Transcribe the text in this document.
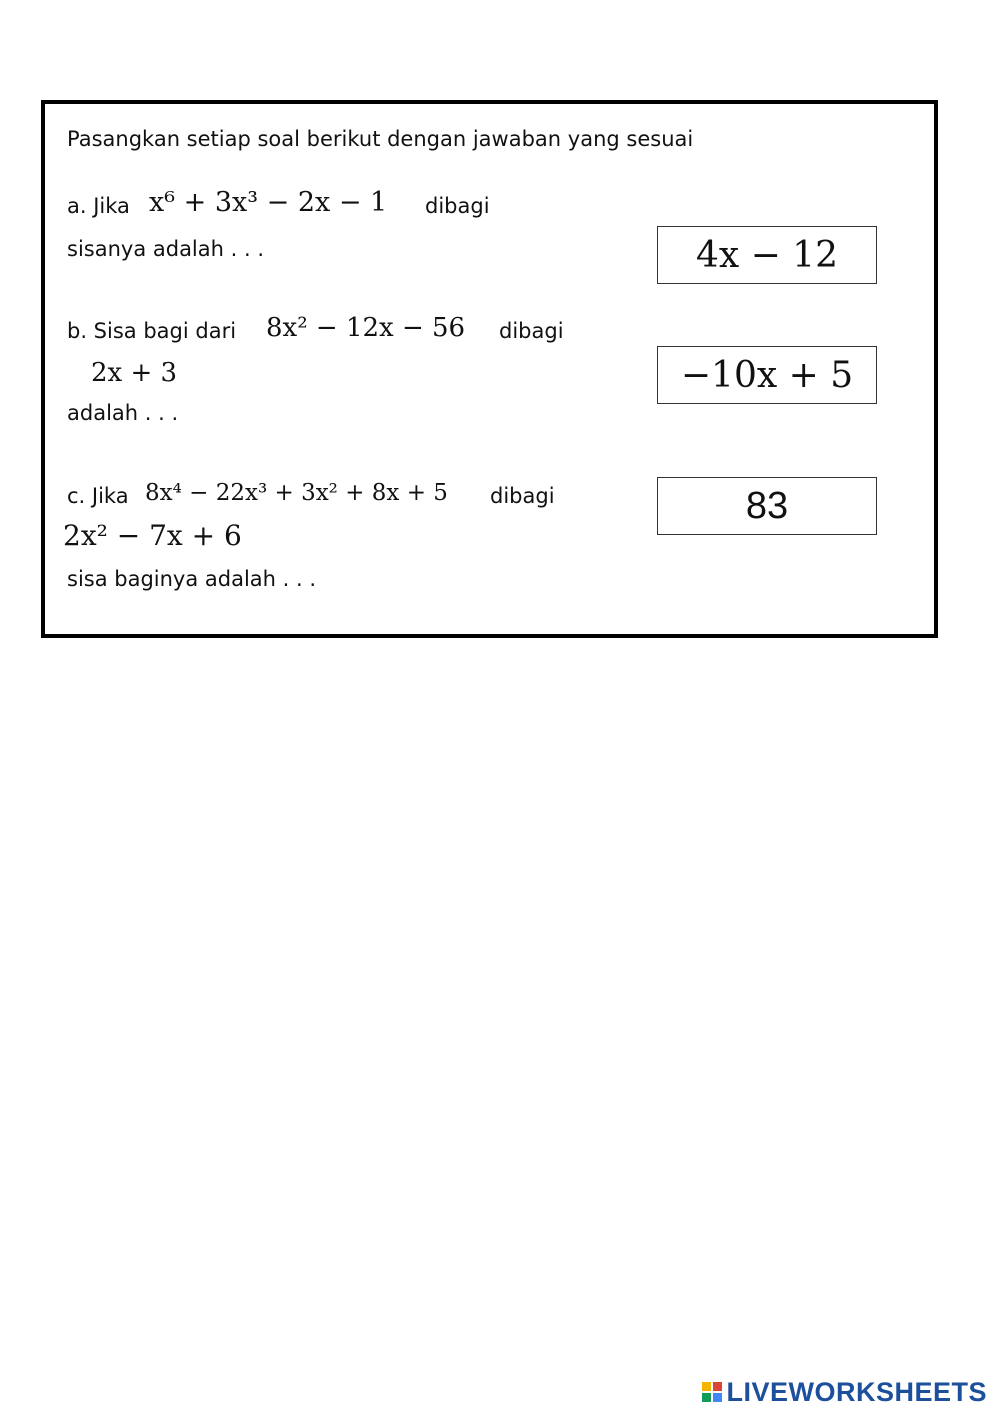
Pasangkan setiap soal berikut dengan jawaban yang sesuai
a. Jika x⁶ + 3x³ − 2x − 1 dibagi
sisanya adalah . . .
b. Sisa bagi dari 8x² − 12x − 56 dibagi
2x + 3
adalah . . .
c. Jika 8x⁴ − 22x³ + 3x² + 8x + 5 dibagi
2x² − 7x + 6
sisa baginya adalah . . .
4x − 12
−10x + 5
83
LIVEWORKSHEETS
